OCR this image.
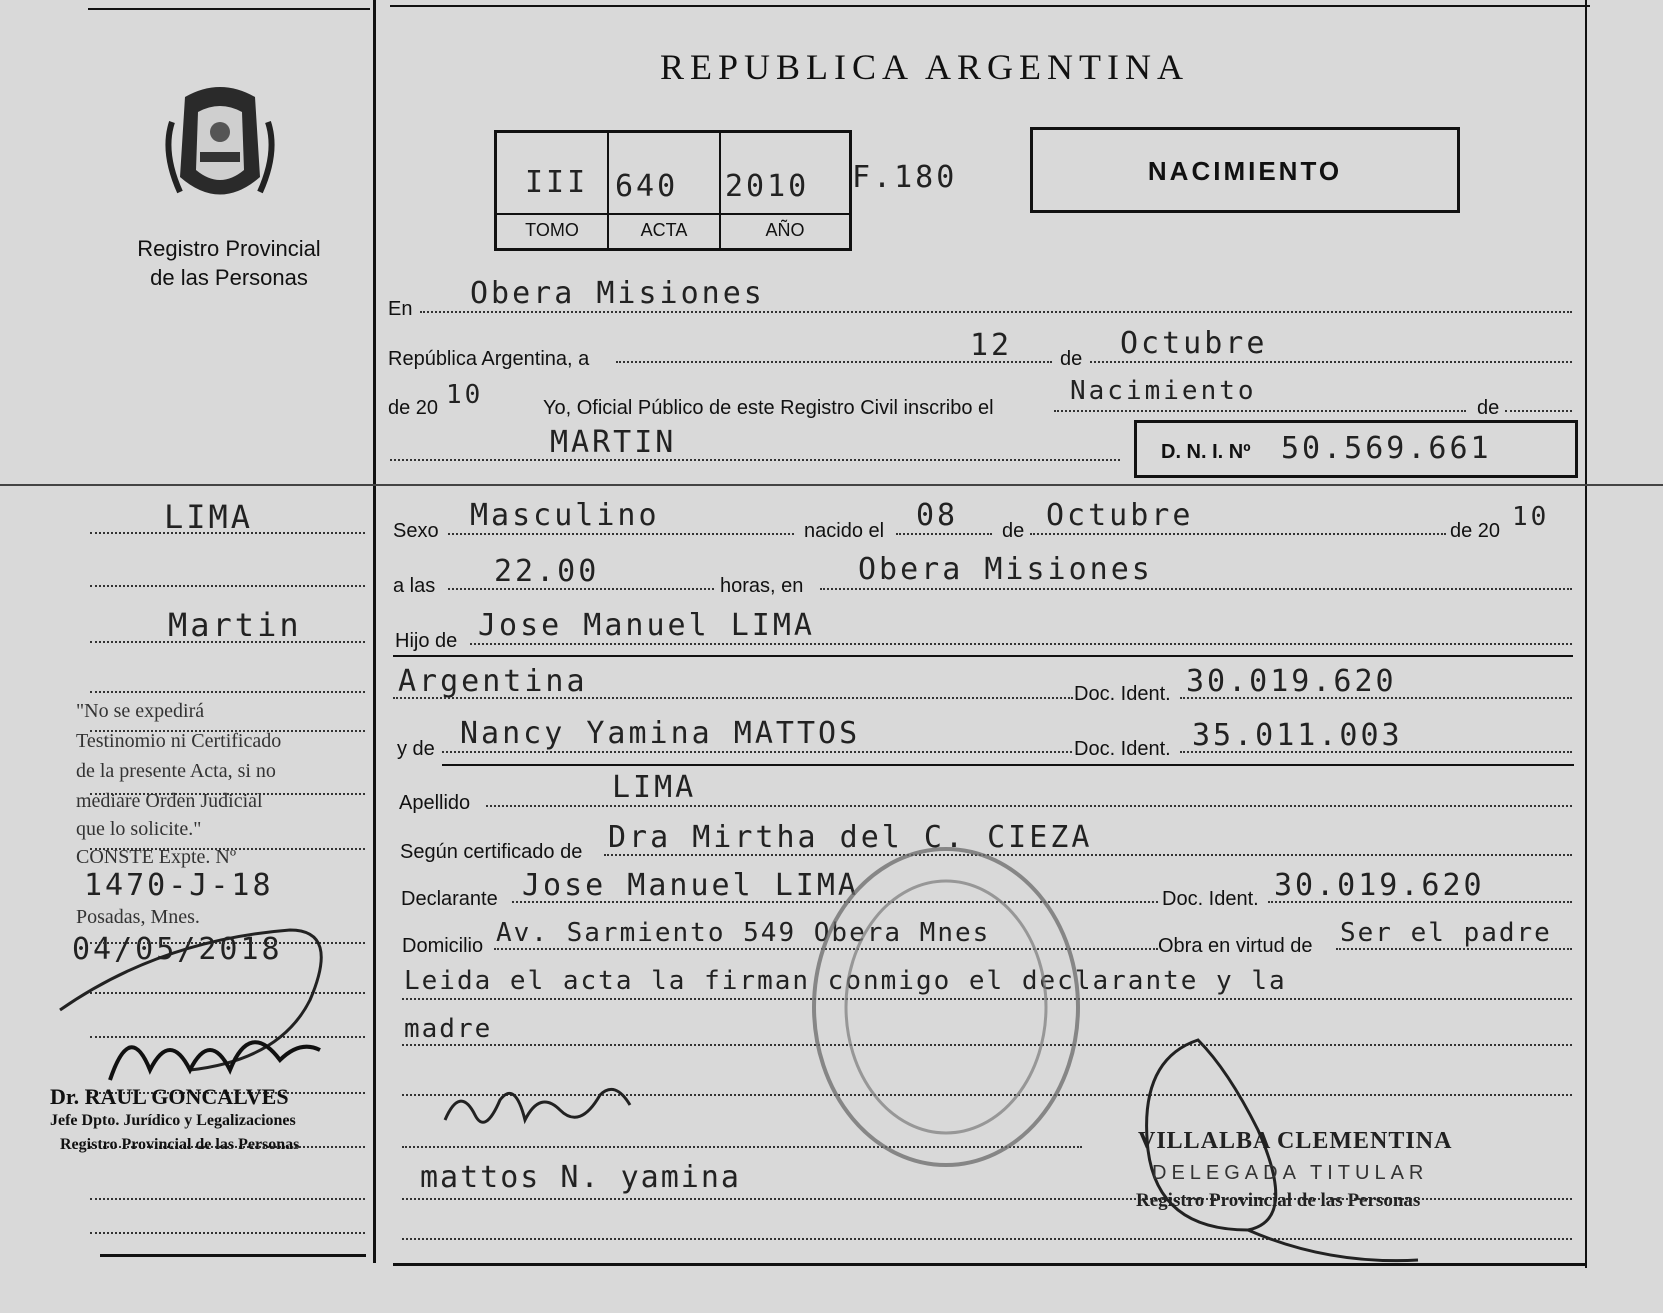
Registro Provincial
de las Personas
REPUBLICA ARGENTINA
III 640 2010
TOMO	ACTA	AÑO
F.180	NACIMIENTO
En Obera Misiones
República Argentina, a	12 de Octubre
de 20 10	Yo, Oficial Público de este Registro Civil inscribo el
Nacimiento
de
MARTIN	D. N. I. Nº 50.569.661
Sexo Masculino	nacido el 08 de Octubre	de 20 10
a las 22.00	horas, en Obera Misiones
Hijo de Jose Manuel LIMA
Argentina	Doc. Ident. 30.019.620
y de Nancy Yamina MATTOS	Doc. Ident. 35.011.003
Apellido	LIMA
Según certificado de Dra Mirtha del C. CIEZA
Declarante Jose Manuel LIMA	Doc. Ident. 30.019.620
Domicilio Av. Sarmiento 549 Obera Mnes	Obra en virtud de Ser el padre
Leida el acta la firman conmigo el declarante y la
madre
mattos N. yamina
VILLALBA CLEMENTINA
DELEGADA TITULAR
Registro Provincial de las Personas
LIMA
Martin
"No se expedirá
Testinomio ni Certificado
de la presente Acta, si no
mediare Orden Judicial
que lo solicite."
CONSTE Expte. Nº
1470-J-18
Posadas, Mnes.
04/05/2018
Dr. RAUL GONCALVES
Jefe Dpto. Jurídico y Legalizaciones
Registro Provincial de las Personas
